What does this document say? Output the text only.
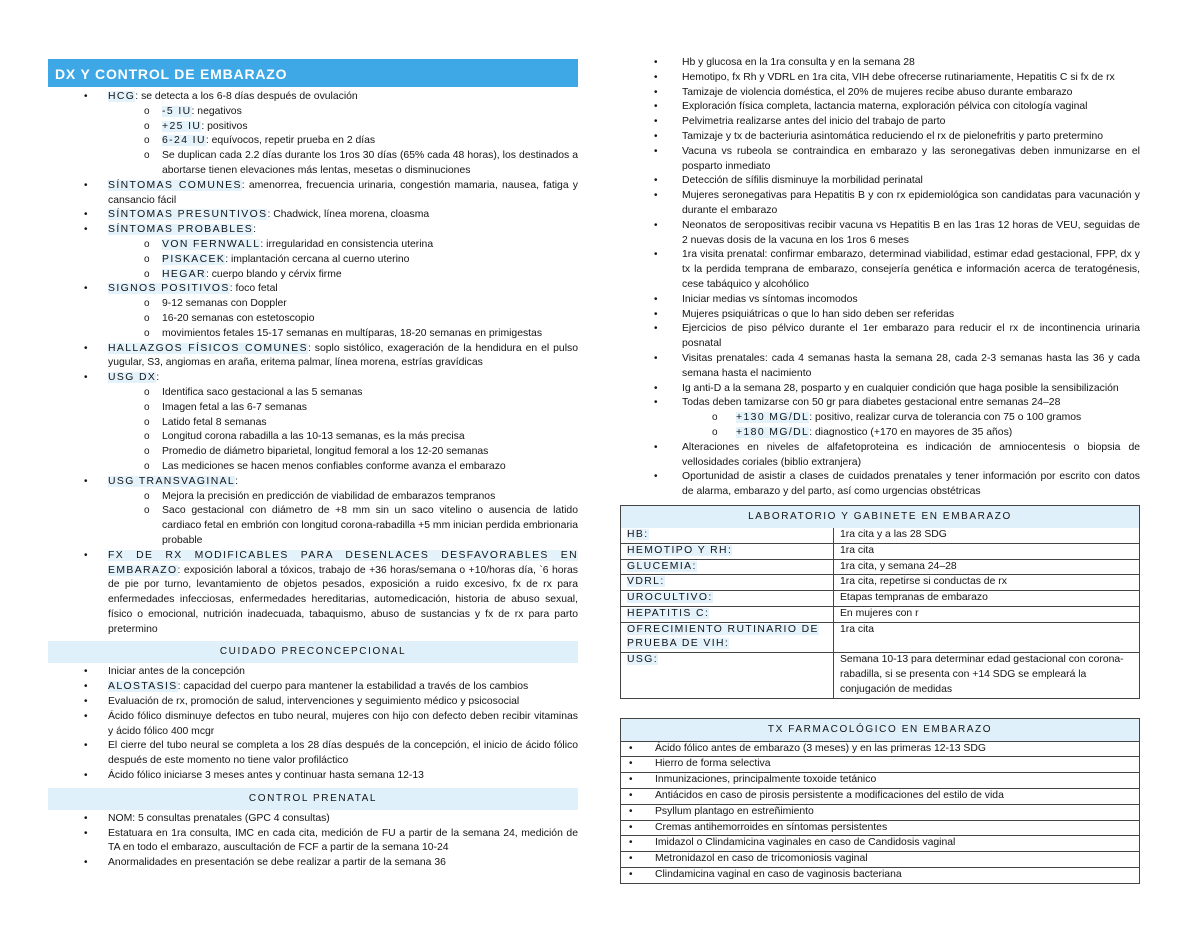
DX Y CONTROL DE EMBARAZO
• HCG: se detecta a los 6-8 días después de ovulación
o -5 IU: negativos
o +25 IU: positivos
o 6-24 IU: equívocos, repetir prueba en 2 días
o Se duplican cada 2.2 días durante los 1ros 30 días (65% cada 48 horas), los destinados a abortarse tienen elevaciones más lentas, mesetas o disminuciones
• SÍNTOMAS COMUNES: amenorrea, frecuencia urinaria, congestión mamaria, nausea, fatiga y cansancio fácil
• SÍNTOMAS PRESUNTIVOS: Chadwick, línea morena, cloasma
• SÍNTOMAS PROBABLES:
o VON FERNWALL: irregularidad en consistencia uterina
o PISKACEK: implantación cercana al cuerno uterino
o HEGAR: cuerpo blando y cérvix firme
• SIGNOS POSITIVOS: foco fetal
o 9-12 semanas con Doppler
o 16-20 semanas con estetoscopio
o movimientos fetales 15-17 semanas en multíparas, 18-20 semanas en primigestas
• HALLAZGOS FÍSICOS COMUNES: soplo sistólico, exageración de la hendidura en el pulso yugular, S3, angiomas en araña, eritema palmar, línea morena, estrías gravídicas
• USG DX:
o Identifica saco gestacional a las 5 semanas
o Imagen fetal a las 6-7 semanas
o Latido fetal 8 semanas
o Longitud corona rabadilla a las 10-13 semanas, es la más precisa
o Promedio de diámetro biparietal, longitud femoral a los 12-20 semanas
o Las mediciones se hacen menos confiables conforme avanza el embarazo
• USG TRANSVAGINAL:
o Mejora la precisión en predicción de viabilidad de embarazos tempranos
o Saco gestacional con diámetro de +8 mm sin un saco vitelino o ausencia de latido cardiaco fetal en embrión con longitud corona-rabadilla +5 mm inician perdida embrionaria probable
• FX DE RX MODIFICABLES PARA DESENLACES DESFAVORABLES EN EMBARAZO: exposición laboral a tóxicos, trabajo de +36 horas/semana o +10/horas día, `6 horas de pie por turno, levantamiento de objetos pesados, exposición a ruido excesivo, fx de rx para enfermedades infecciosas, enfermedades hereditarias, automedicación, historia de abuso sexual, físico o emocional, nutrición inadecuada, tabaquismo, abuso de sustancias y fx de rx para parto pretermino
CUIDADO PRECONCEPCIONAL
• Iniciar antes de la concepción
• ALOSTASIS: capacidad del cuerpo para mantener la estabilidad a través de los cambios
• Evaluación de rx, promoción de salud, intervenciones y seguimiento médico y psicosocial
• Ácido fólico disminuye defectos en tubo neural, mujeres con hijo con defecto deben recibir vitaminas y ácido fólico 400 mcgr
• El cierre del tubo neural se completa a los 28 días después de la concepción, el inicio de ácido fólico después de este momento no tiene valor profiláctico
• Ácido fólico iniciarse 3 meses antes y continuar hasta semana 12-13
CONTROL PRENATAL
• NOM: 5 consultas prenatales (GPC 4 consultas)
• Estatuara en 1ra consulta, IMC en cada cita, medición de FU a partir de la semana 24, medición de TA en todo el embarazo, auscultación de FCF a partir de la semana 10-24
• Anormalidades en presentación se debe realizar a partir de la semana 36
• Hb y glucosa en la 1ra consulta y en la semana 28
• Hemotipo, fx Rh y VDRL en 1ra cita, VIH debe ofrecerse rutinariamente, Hepatitis C si fx de rx
• Tamizaje de violencia doméstica, el 20% de mujeres recibe abuso durante embarazo
• Exploración física completa, lactancia materna, exploración pélvica con citología vaginal
• Pelvimetria realizarse antes del inicio del trabajo de parto
• Tamizaje y tx de bacteriuria asintomática reduciendo el rx de pielonefritis y parto pretermino
• Vacuna vs rubeola se contraindica en embarazo y las seronegativas deben inmunizarse en el posparto inmediato
• Detección de sífilis disminuye la morbilidad perinatal
• Mujeres seronegativas para Hepatitis B y con rx epidemiológica son candidatas para vacunación y durante el embarazo
• Neonatos de seropositivas recibir vacuna vs Hepatitis B en las 1ras 12 horas de VEU, seguidas de 2 nuevas dosis de la vacuna en los 1ros 6 meses
• 1ra visita prenatal: confirmar embarazo, determinad viabilidad, estimar edad gestacional, FPP, dx y tx la perdida temprana de embarazo, consejería genética e información acerca de teratogénesis, cese tabáquico y alcohólico
• Iniciar medias vs síntomas incomodos
• Mujeres psiquiátricas o que lo han sido deben ser referidas
• Ejercicios de piso pélvico durante el 1er embarazo para reducir el rx de incontinencia urinaria posnatal
• Visitas prenatales: cada 4 semanas hasta la semana 28, cada 2-3 semanas hasta las 36 y cada semana hasta el nacimiento
• Ig anti-D a la semana 28, posparto y en cualquier condición que haga posible la sensibilización
• Todas deben tamizarse con 50 gr para diabetes gestacional entre semanas 24–28
o +130 MG/DL: positivo, realizar curva de tolerancia con 75 o 100 gramos
o +180 MG/DL: diagnostico (+170 en mayores de 35 años)
• Alteraciones en niveles de alfafetoproteina es indicación de amniocentesis o biopsia de vellosidades coriales (biblio extranjera)
• Oportunidad de asistir a clases de cuidados prenatales y tener información por escrito con datos de alarma, embarazo y del parto, así como urgencias obstétricas
LABORATORIO Y GABINETE EN EMBARAZO
HB:	1ra cita y a las 28 SDG
HEMOTIPO Y RH:	1ra cita
GLUCEMIA:	1ra cita, y semana 24–28
VDRL:	1ra cita, repetirse si conductas de rx
UROCULTIVO:	Etapas tempranas de embarazo
HEPATITIS C:	En mujeres con r
OFRECIMIENTO RUTINARIO DE PRUEBA DE VIH:	1ra cita
USG:	Semana 10-13 para determinar edad gestacional con corona-rabadilla, si se presenta con +14 SDG se empleará la conjugación de medidas
TX FARMACOLÓGICO EN EMBARAZO
• Ácido fólico antes de embarazo (3 meses) y en las primeras 12-13 SDG
• Hierro de forma selectiva
• Inmunizaciones, principalmente toxoide tetánico
• Antiácidos en caso de pirosis persistente a modificaciones del estilo de vida
• Psyllum plantago en estreñimiento
• Cremas antihemorroides en síntomas persistentes
• Imidazol o Clindamicina vaginales en caso de Candidosis vaginal
• Metronidazol en caso de tricomoniosis vaginal
• Clindamicina vaginal en caso de vaginosis bacteriana
